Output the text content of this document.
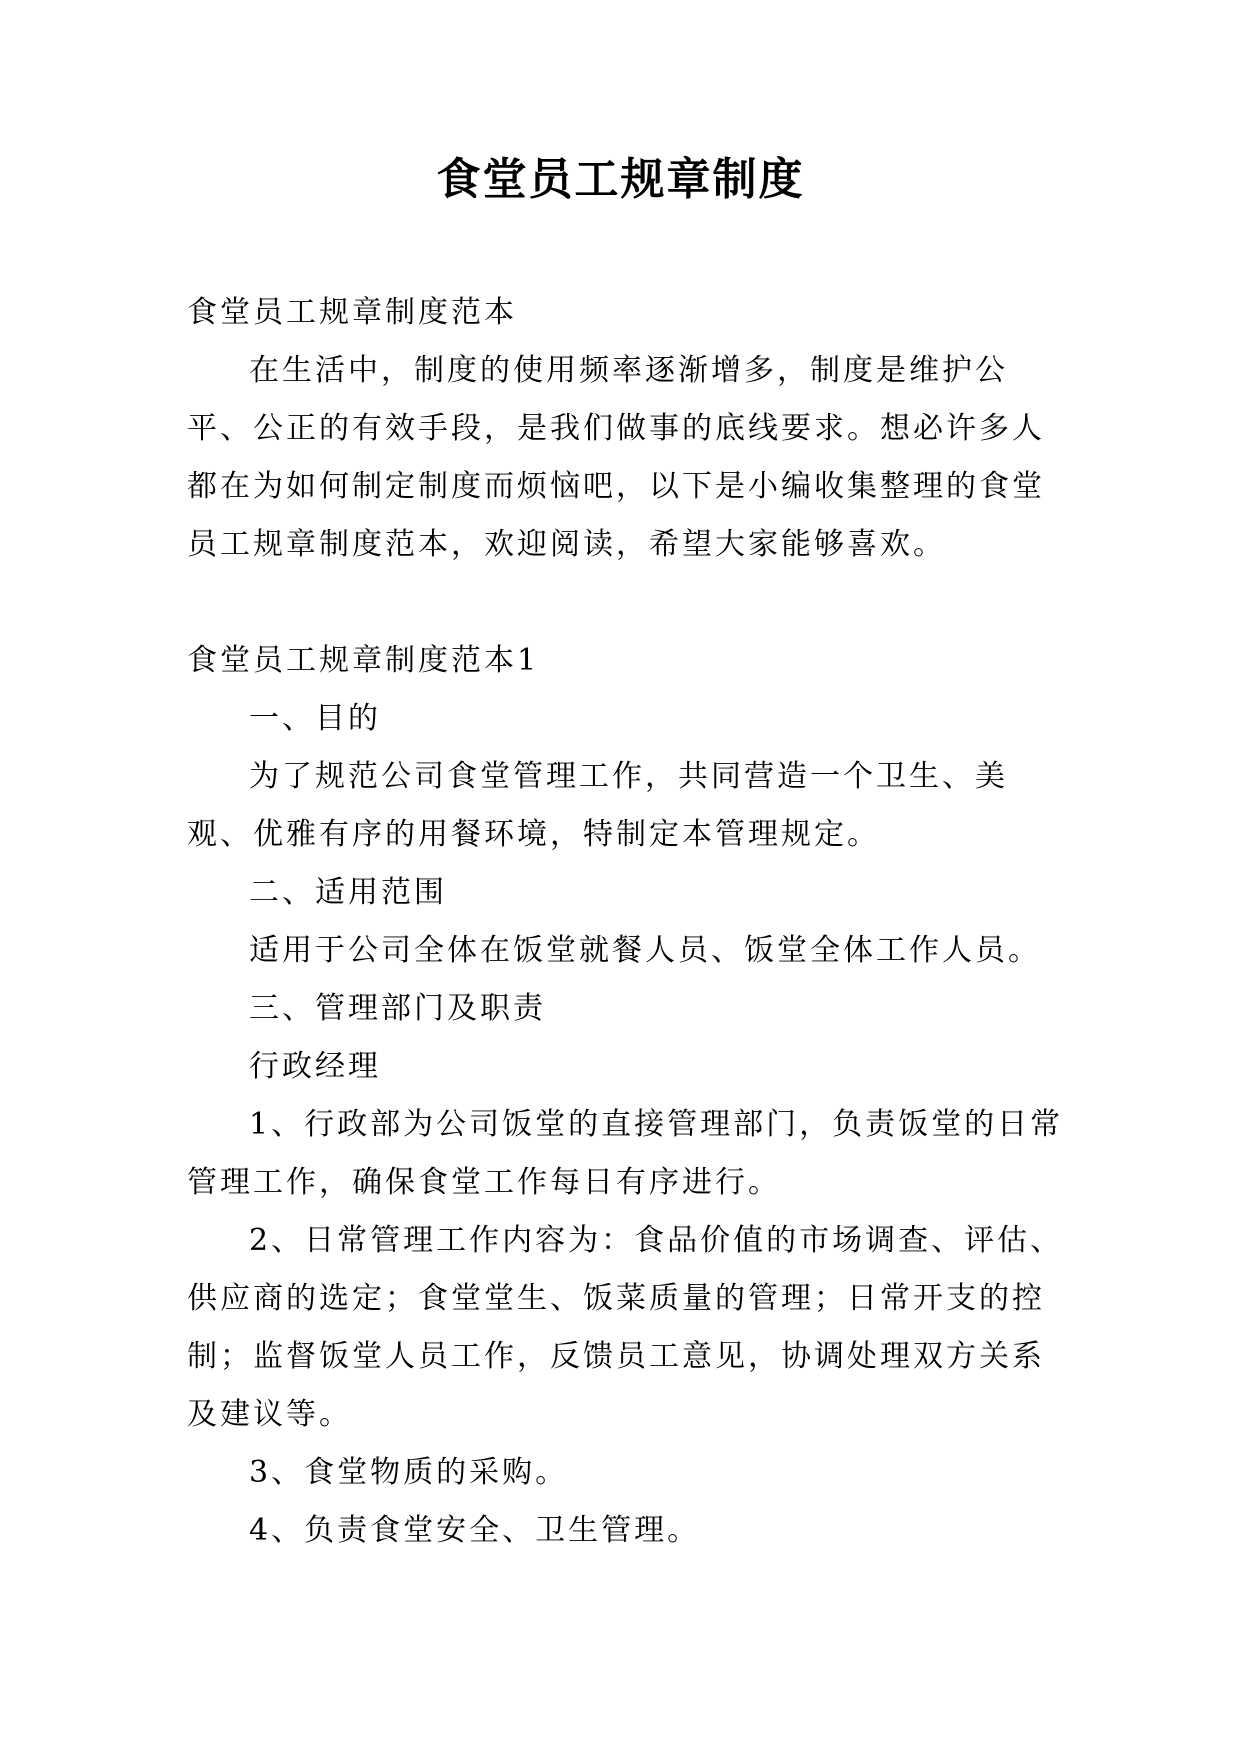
食堂员工规章制度

食堂员工规章制度范本

在生活中，制度的使用频率逐渐增多，制度是维护公平、公正的有效手段，是我们做事的底线要求。想必许多人都在为如何制定制度而烦恼吧，以下是小编收集整理的食堂员工规章制度范本，欢迎阅读，希望大家能够喜欢。

食堂员工规章制度范本1

一、目的

为了规范公司食堂管理工作，共同营造一个卫生、美观、优雅有序的用餐环境，特制定本管理规定。

二、适用范围

适用于公司全体在饭堂就餐人员、饭堂全体工作人员。

三、管理部门及职责

行政经理

1、行政部为公司饭堂的直接管理部门，负责饭堂的日常管理工作，确保食堂工作每日有序进行。

2、日常管理工作内容为：食品价值的市场调查、评估、供应商的选定；食堂堂生、饭菜质量的管理；日常开支的控制；监督饭堂人员工作，反馈员工意见，协调处理双方关系及建议等。

3、食堂物质的采购。

4、负责食堂安全、卫生管理。
